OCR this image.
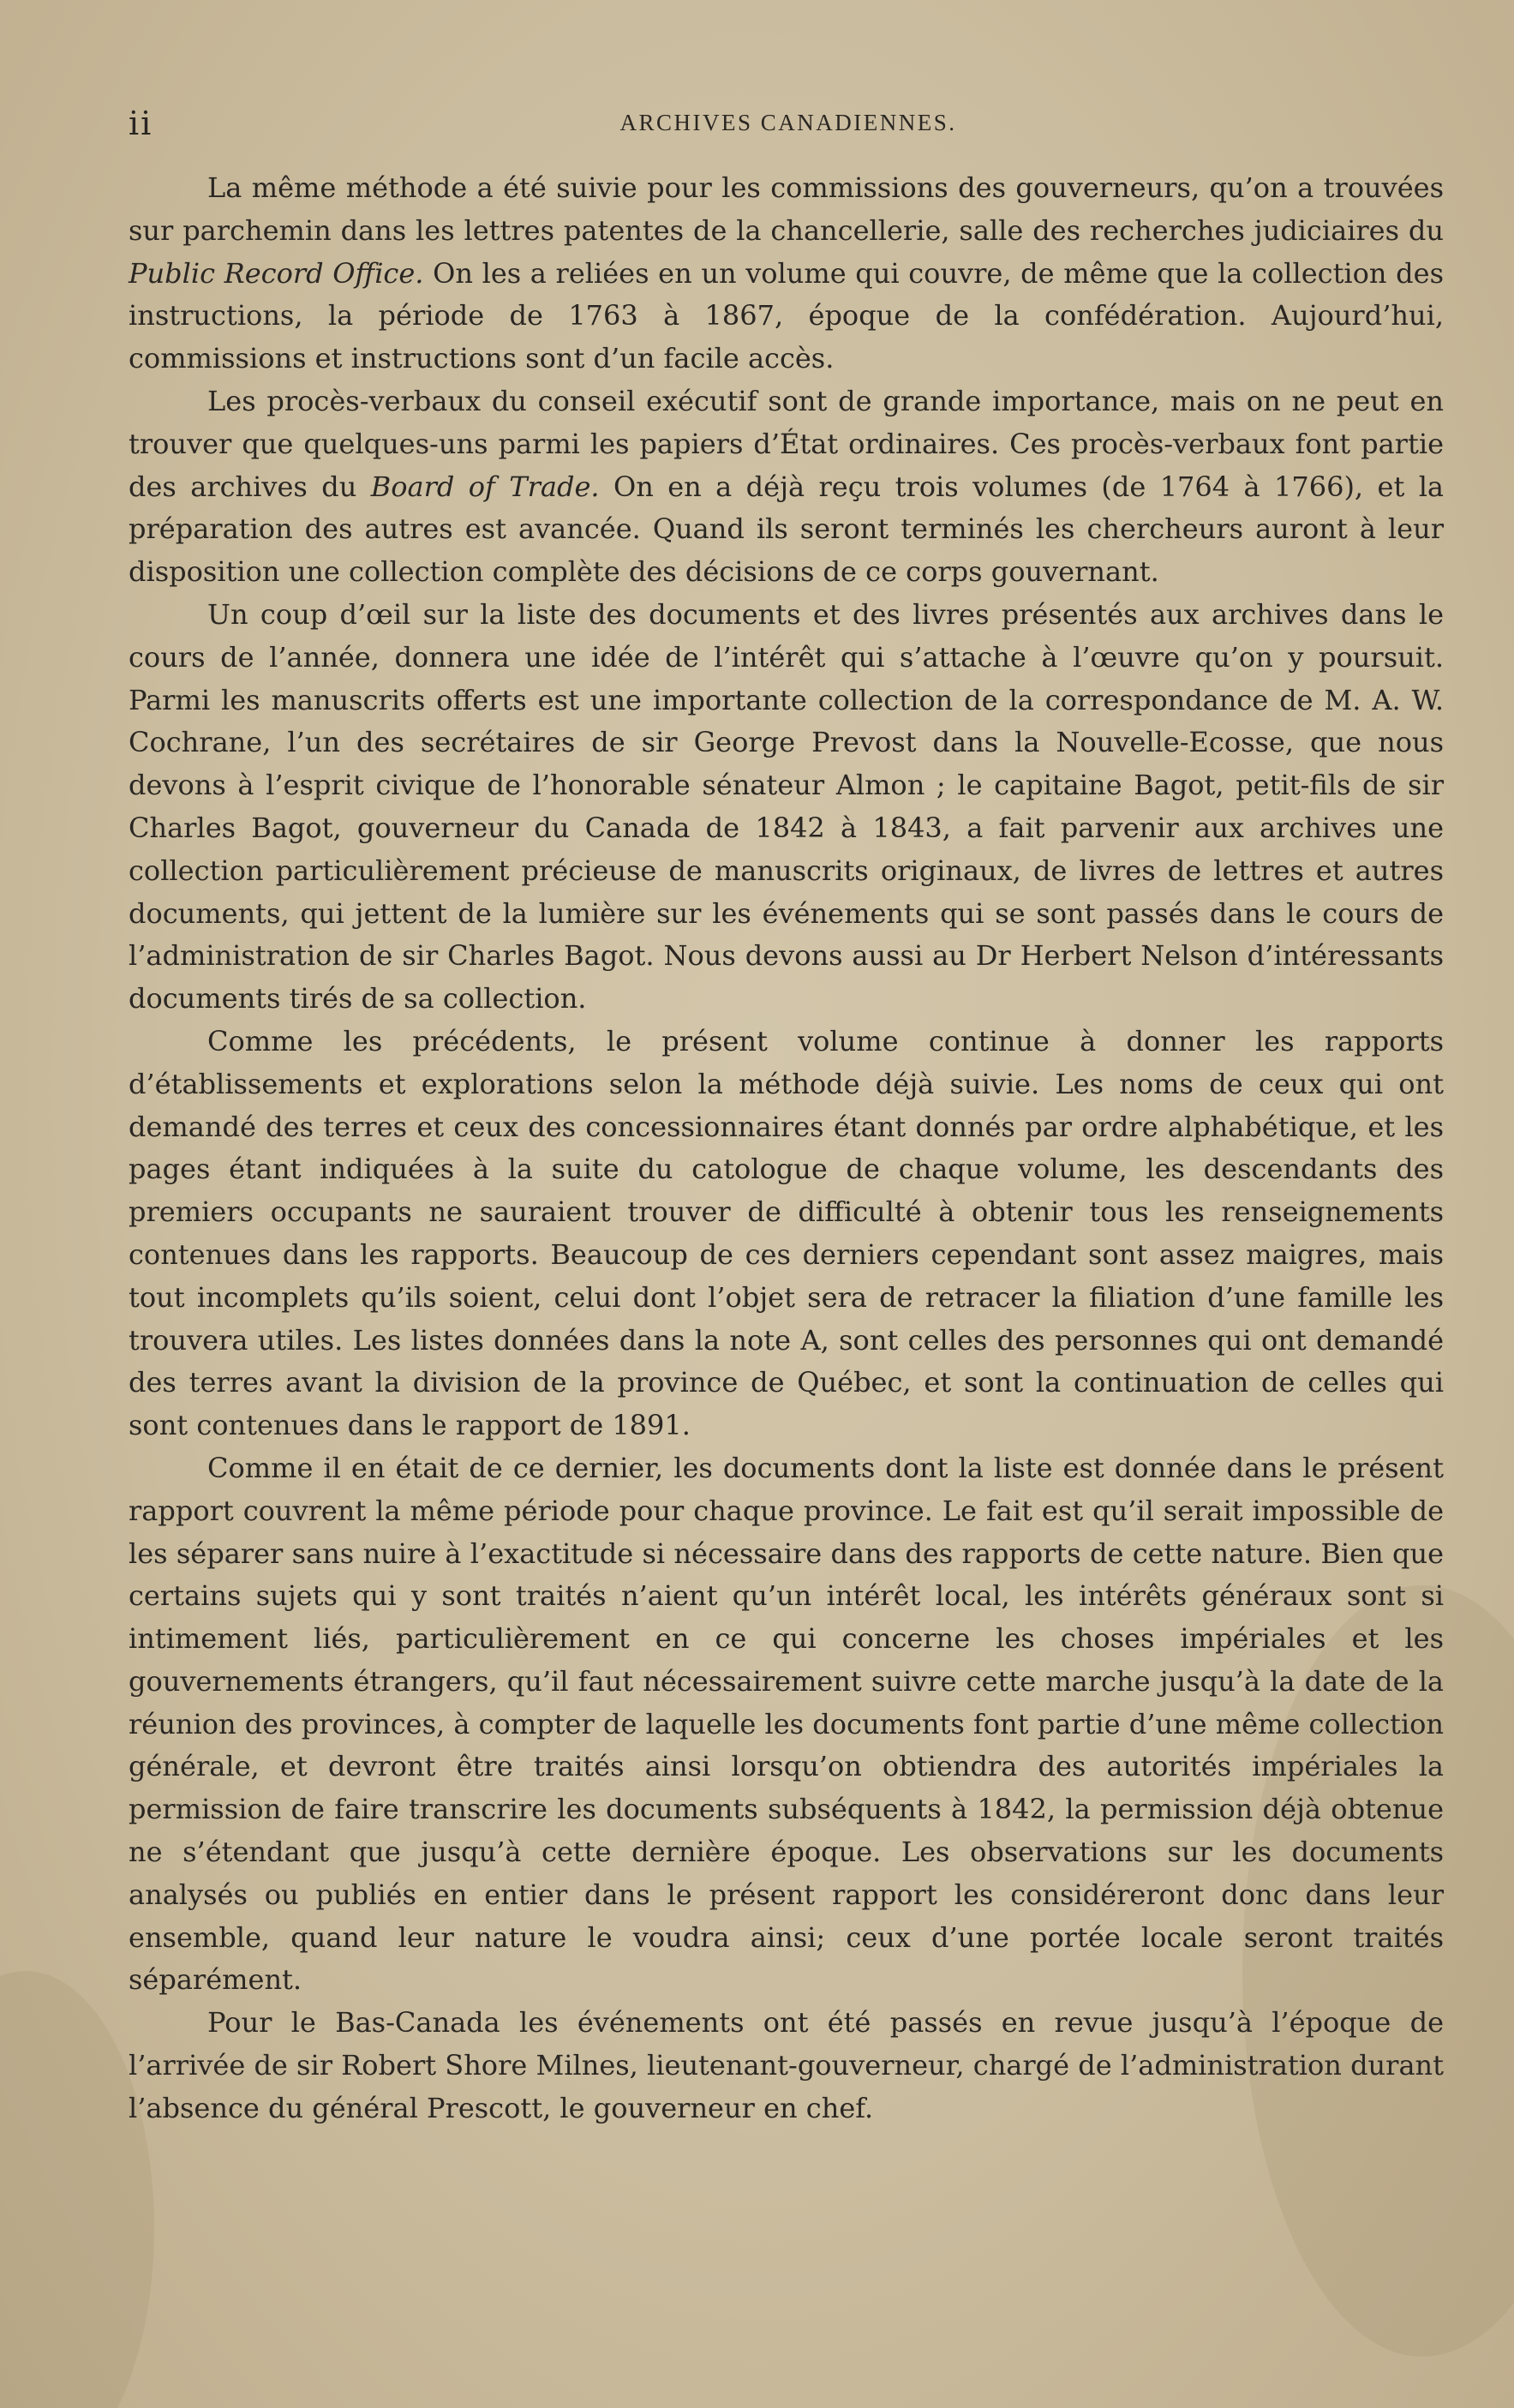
ii	ARCHIVES CANADIENNES.

La même méthode a été suivie pour les commissions des gouverneurs, qu’on a trouvées sur parchemin dans les lettres patentes de la chancellerie, salle des recherches judiciaires du Public Record Office. On les a reliées en un volume qui couvre, de même que la collection des instructions, la période de 1763 à 1867, époque de la confédération. Aujourd’hui, commissions et instructions sont d’un facile accès.

Les procès-verbaux du conseil exécutif sont de grande importance, mais on ne peut en trouver que quelques-uns parmi les papiers d’État ordinaires. Ces procès-verbaux font partie des archives du Board of Trade. On en a déjà reçu trois volumes (de 1764 à 1766), et la préparation des autres est avancée. Quand ils seront terminés les chercheurs auront à leur disposition une collection complète des décisions de ce corps gouvernant.

Un coup d’œil sur la liste des documents et des livres présentés aux archives dans le cours de l’année, donnera une idée de l’intérêt qui s’attache à l’œuvre qu’on y poursuit. Parmi les manuscrits offerts est une importante collection de la correspondance de M. A. W. Cochrane, l’un des secrétaires de sir George Prevost dans la Nouvelle-Ecosse, que nous devons à l’esprit civique de l’honorable sénateur Almon ; le capitaine Bagot, petit-fils de sir Charles Bagot, gouverneur du Canada de 1842 à 1843, a fait parvenir aux archives une collection particulièrement précieuse de manuscrits originaux, de livres de lettres et autres documents, qui jettent de la lumière sur les événements qui se sont passés dans le cours de l’administration de sir Charles Bagot. Nous devons aussi au Dr Herbert Nelson d’intéressants documents tirés de sa collection.

Comme les précédents, le présent volume continue à donner les rapports d’établissements et explorations selon la méthode déjà suivie. Les noms de ceux qui ont demandé des terres et ceux des concessionnaires étant donnés par ordre alphabétique, et les pages étant indiquées à la suite du catologue de chaque volume, les descendants des premiers occupants ne sauraient trouver de difficulté à obtenir tous les renseignements contenues dans les rapports. Beaucoup de ces derniers cependant sont assez maigres, mais tout incomplets qu’ils soient, celui dont l’objet sera de retracer la filiation d’une famille les trouvera utiles. Les listes données dans la note A, sont celles des personnes qui ont demandé des terres avant la division de la province de Québec, et sont la continuation de celles qui sont contenues dans le rapport de 1891.

Comme il en était de ce dernier, les documents dont la liste est donnée dans le présent rapport couvrent la même période pour chaque province. Le fait est qu’il serait impossible de les séparer sans nuire à l’exactitude si nécessaire dans des rapports de cette nature. Bien que certains sujets qui y sont traités n’aient qu’un intérêt local, les intérêts généraux sont si intimement liés, particulièrement en ce qui concerne les choses impériales et les gouvernements étrangers, qu’il faut nécessairement suivre cette marche jusqu’à la date de la réunion des provinces, à compter de laquelle les documents font partie d’une même collection générale, et devront être traités ainsi lorsqu’on obtiendra des autorités impériales la permission de faire transcrire les documents subséquents à 1842, la permission déjà obtenue ne s’étendant que jusqu’à cette dernière époque. Les observations sur les documents analysés ou publiés en entier dans le présent rapport les considéreront donc dans leur ensemble, quand leur nature le voudra ainsi; ceux d’une portée locale seront traités séparément.

Pour le Bas-Canada les événements ont été passés en revue jusqu’à l’époque de l’arrivée de sir Robert Shore Milnes, lieutenant-gouverneur, chargé de l’administration durant l’absence du général Prescott, le gouverneur en chef.
